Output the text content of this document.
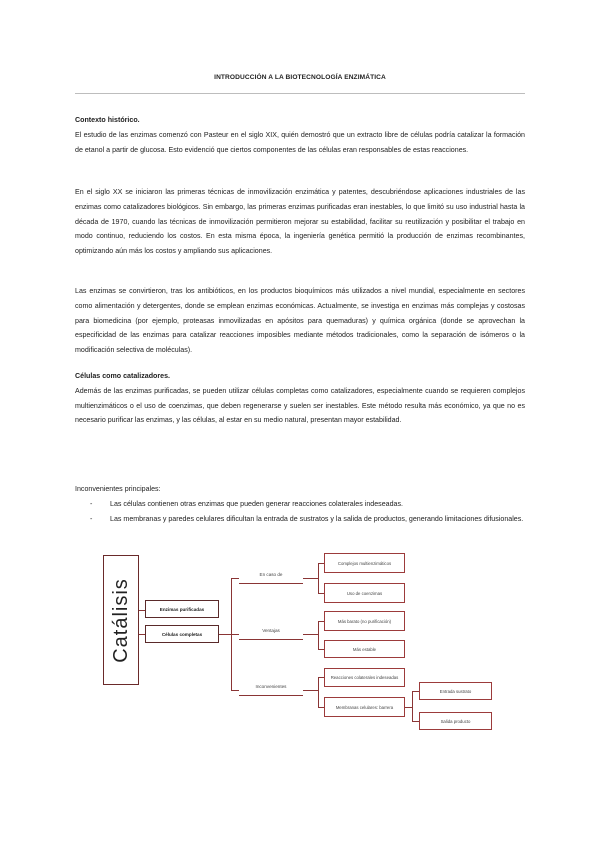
INTRODUCCIÓN A LA BIOTECNOLOGÍA ENZIMÁTICA

Contexto histórico.

El estudio de las enzimas comenzó con Pasteur en el siglo XIX, quién demostró que un extracto libre de células podría catalizar la formación de etanol a partir de glucosa. Esto evidenció que ciertos componentes de las células eran responsables de estas reacciones.

En el siglo XX se iniciaron las primeras técnicas de inmovilización enzimática y patentes, descubriéndose aplicaciones industriales de las enzimas como catalizadores biológicos. Sin embargo, las primeras enzimas purificadas eran inestables, lo que limitó su uso industrial hasta la década de 1970, cuando las técnicas de inmovilización permitieron mejorar su estabilidad, facilitar su reutilización y posibilitar el trabajo en modo continuo, reduciendo los costos. En esta misma época, la ingeniería genética permitió la producción de enzimas recombinantes, optimizando aún más los costos y ampliando sus aplicaciones.

Las enzimas se convirtieron, tras los antibióticos, en los productos bioquímicos más utilizados a nivel mundial, especialmente en sectores como alimentación y detergentes, donde se emplean enzimas económicas. Actualmente, se investiga en enzimas más complejas y costosas para biomedicina (por ejemplo, proteasas inmovilizadas en apósitos para quemaduras) y química orgánica (donde se aprovechan la especificidad de las enzimas para catalizar reacciones imposibles mediante métodos tradicionales, como la separación de isómeros o la modificación selectiva de moléculas).

Células como catalizadores.

Además de las enzimas purificadas, se pueden utilizar células completas como catalizadores, especialmente cuando se requieren complejos multienzimáticos o el uso de coenzimas, que deben regenerarse y suelen ser inestables. Este método resulta más económico, ya que no es necesario purificar las enzimas, y las células, al estar en su medio natural, presentan mayor estabilidad.

Inconvenientes principales:

- Las células contienen otras enzimas que pueden generar reacciones colaterales indeseadas.
- Las membranas y paredes celulares dificultan la entrada de sustratos y la salida de productos, generando limitaciones difusionales.
Catálisis	Enzimas purificadas
Células completas
En caso de
Ventajas
Inconvenientes
Complejos multienzimáticos
Uso de coenzimas
Más barato (no purificación)
Más estable
Reacciones colaterales indeseadas
Membranas celulares: barrera
Entrada sustrato
Salida producto
